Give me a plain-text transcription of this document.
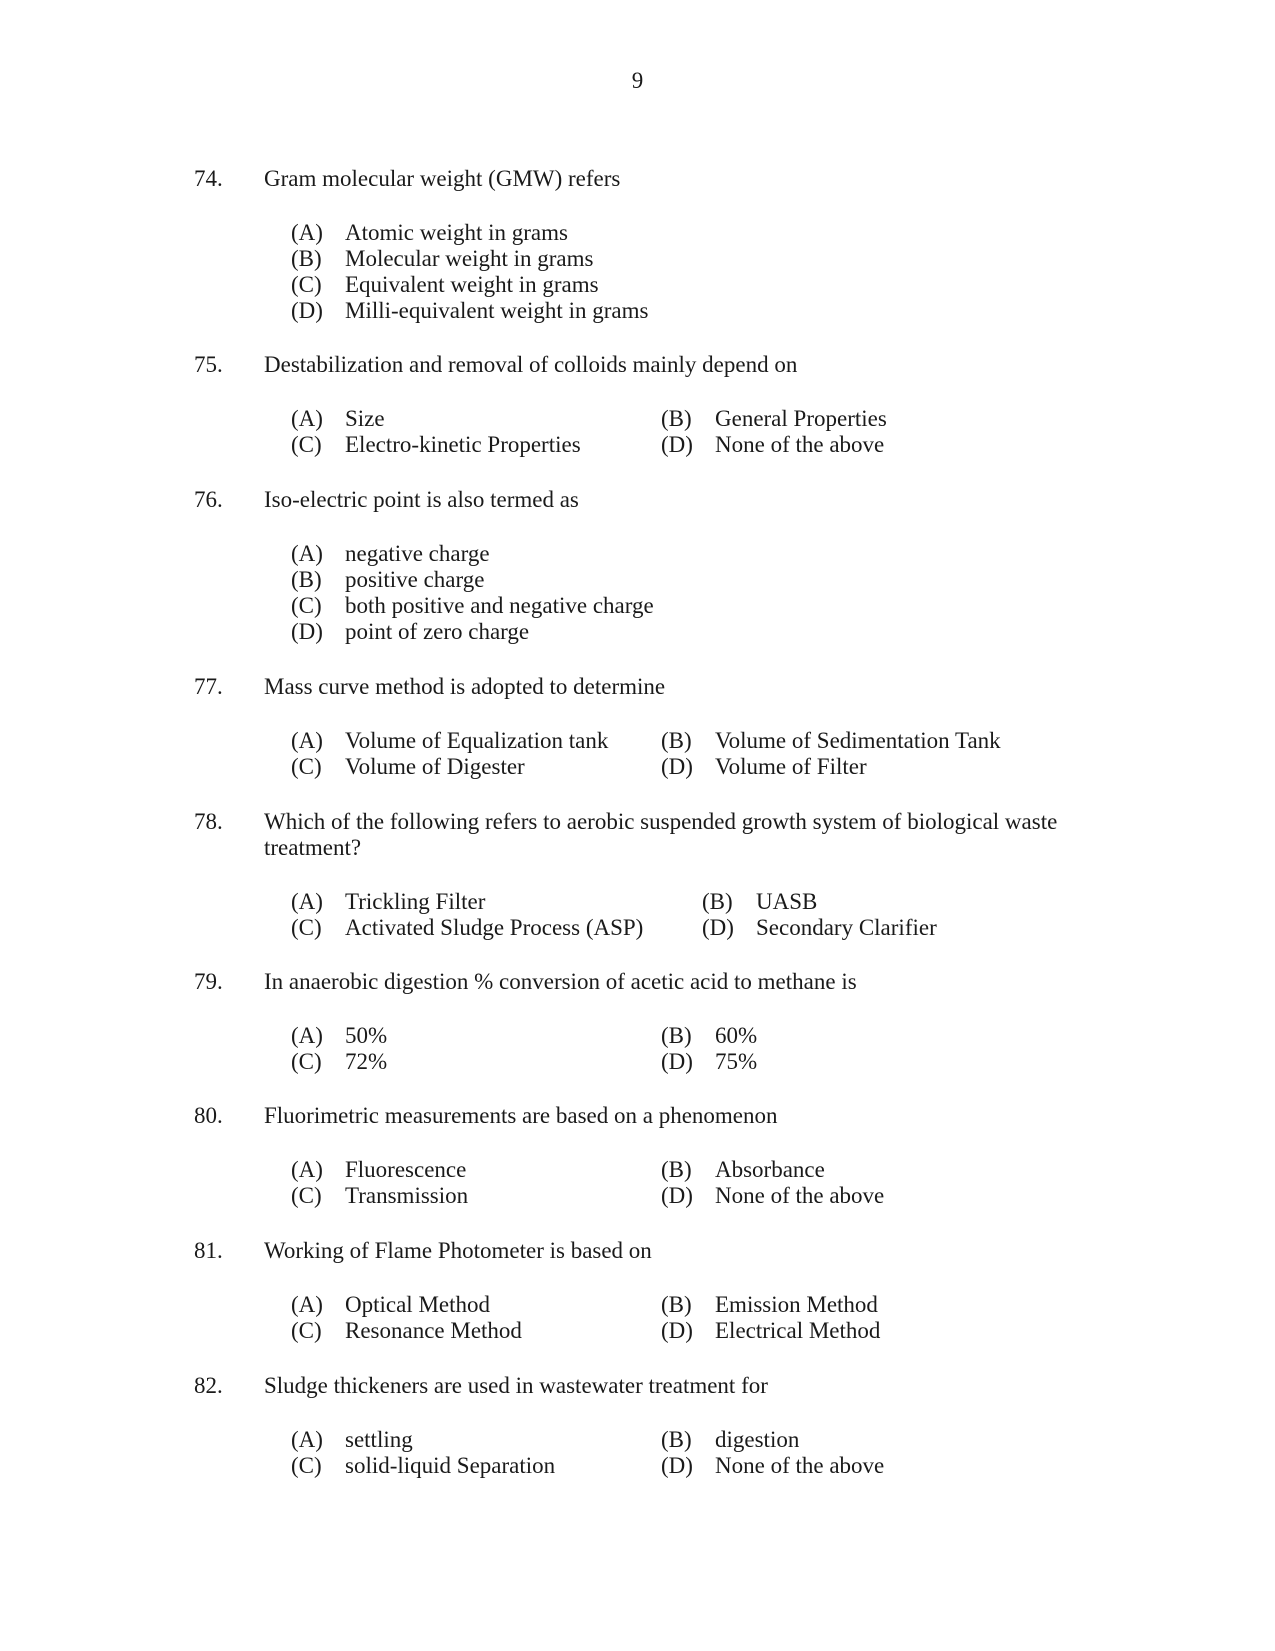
9
74. Gram molecular weight (GMW) refers
(A) Atomic weight in grams
(B) Molecular weight in grams
(C) Equivalent weight in grams
(D) Milli-equivalent weight in grams
75. Destabilization and removal of colloids mainly depend on
(A) Size	(B) General Properties
(C) Electro-kinetic Properties	(D) None of the above
76. Iso-electric point is also termed as
(A) negative charge
(B) positive charge
(C) both positive and negative charge
(D) point of zero charge
77. Mass curve method is adopted to determine
(A) Volume of Equalization tank (B) Volume of Sedimentation Tank
(C) Volume of Digester	(D) Volume of Filter
78. Which of the following refers to aerobic suspended growth system of biological waste
treatment?
(A) Trickling Filter	(B) UASB
(C) Activated Sludge Process (ASP)	(D) Secondary Clarifier
79. In anaerobic digestion % conversion of acetic acid to methane is
(A) 50%	(B) 60%
(C) 72%	(D) 75%
80. Fluorimetric measurements are based on a phenomenon
(A) Fluorescence	(B) Absorbance
(C) Transmission	(D) None of the above
81. Working of Flame Photometer is based on
(A) Optical Method	(B) Emission Method
(C) Resonance Method	(D) Electrical Method
82. Sludge thickeners are used in wastewater treatment for
(A) settling	(B) digestion
(C) solid-liquid Separation	(D) None of the above
